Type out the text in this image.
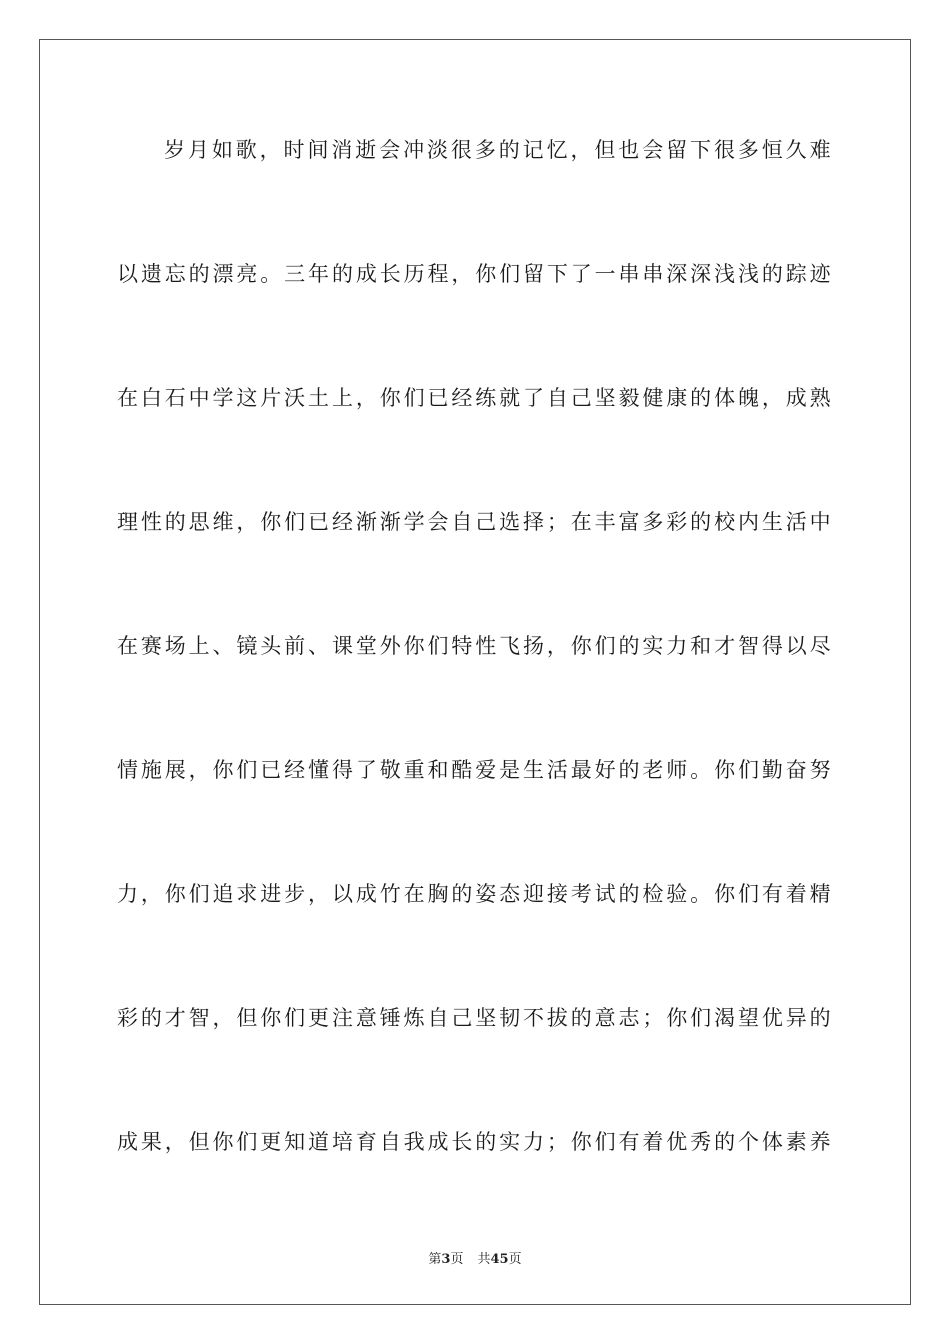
岁月如歌，时间消逝会冲淡很多的记忆，但也会留下很多恒久难
以遗忘的漂亮。三年的成长历程，你们留下了一串串深深浅浅的踪迹
在白石中学这片沃土上，你们已经练就了自己坚毅健康的体魄，成熟
理性的思维，你们已经渐渐学会自己选择；在丰富多彩的校内生活中
在赛场上、镜头前、课堂外你们特性飞扬，你们的实力和才智得以尽
情施展，你们已经懂得了敬重和酷爱是生活最好的老师。你们勤奋努
力，你们追求进步，以成竹在胸的姿态迎接考试的检验。你们有着精
彩的才智，但你们更注意锤炼自己坚韧不拔的意志；你们渴望优异的
成果，但你们更知道培育自我成长的实力；你们有着优秀的个体素养
第3页 共45页
